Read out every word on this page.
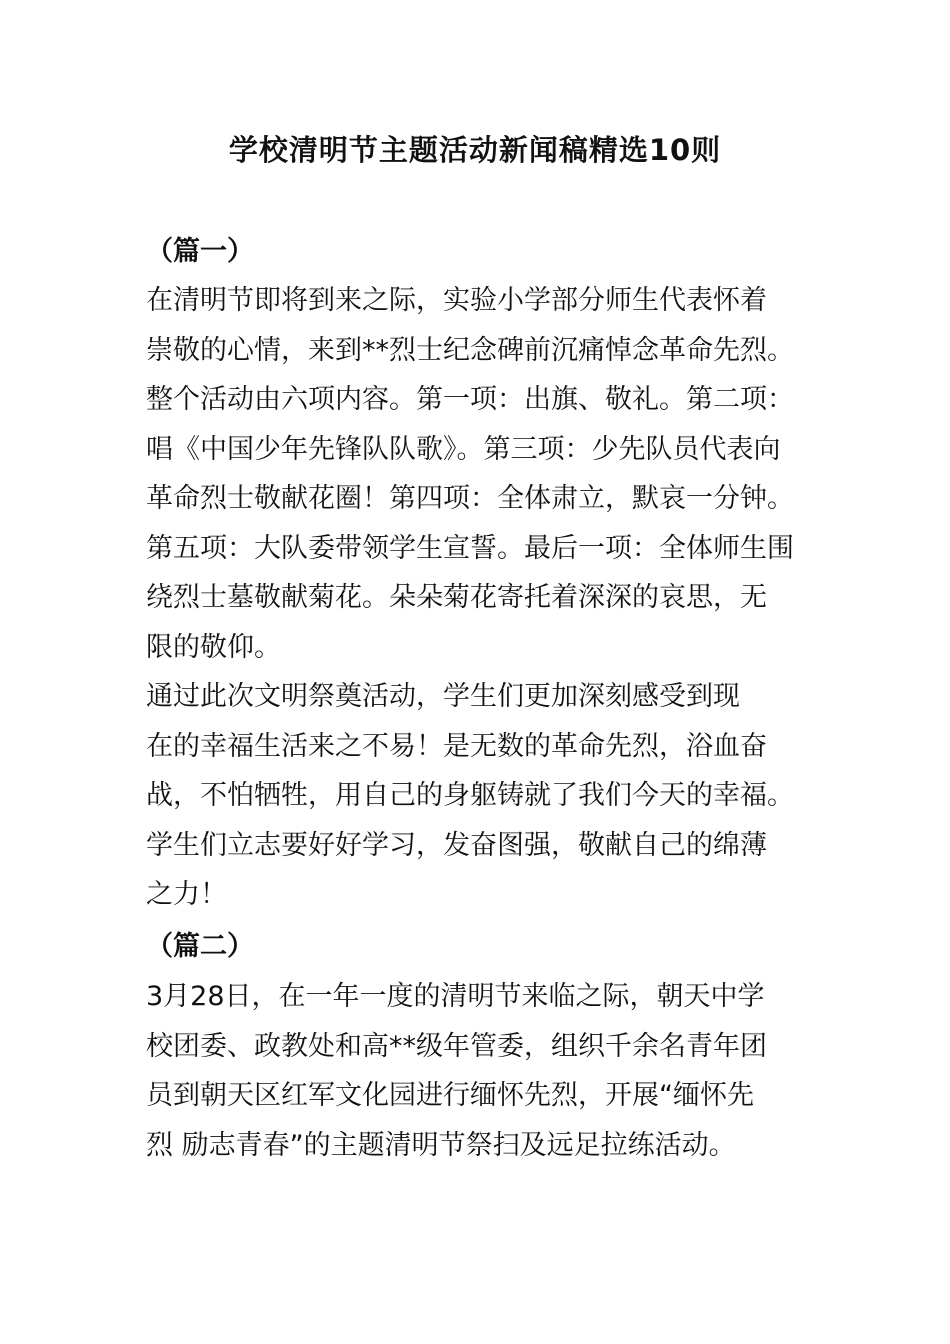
学校清明节主题活动新闻稿精选10则
（篇一）
在清明节即将到来之际，实验小学部分师生代表怀着
崇敬的心情，来到**烈士纪念碑前沉痛悼念革命先烈。
整个活动由六项内容。第一项：出旗、敬礼。第二项：
唱《中国少年先锋队队歌》。第三项：少先队员代表向
革命烈士敬献花圈！第四项：全体肃立，默哀一分钟。
第五项：大队委带领学生宣誓。最后一项：全体师生围
绕烈士墓敬献菊花。朵朵菊花寄托着深深的哀思，无
限的敬仰。
通过此次文明祭奠活动，学生们更加深刻感受到现
在的幸福生活来之不易！是无数的革命先烈，浴血奋
战，不怕牺牲，用自己的身躯铸就了我们今天的幸福。
学生们立志要好好学习，发奋图强，敬献自己的绵薄
之力！
（篇二）
3月28日，在一年一度的清明节来临之际，朝天中学
校团委、政教处和高**级年管委，组织千余名青年团
员到朝天区红军文化园进行缅怀先烈，开展“缅怀先
烈 励志青春”的主题清明节祭扫及远足拉练活动。
